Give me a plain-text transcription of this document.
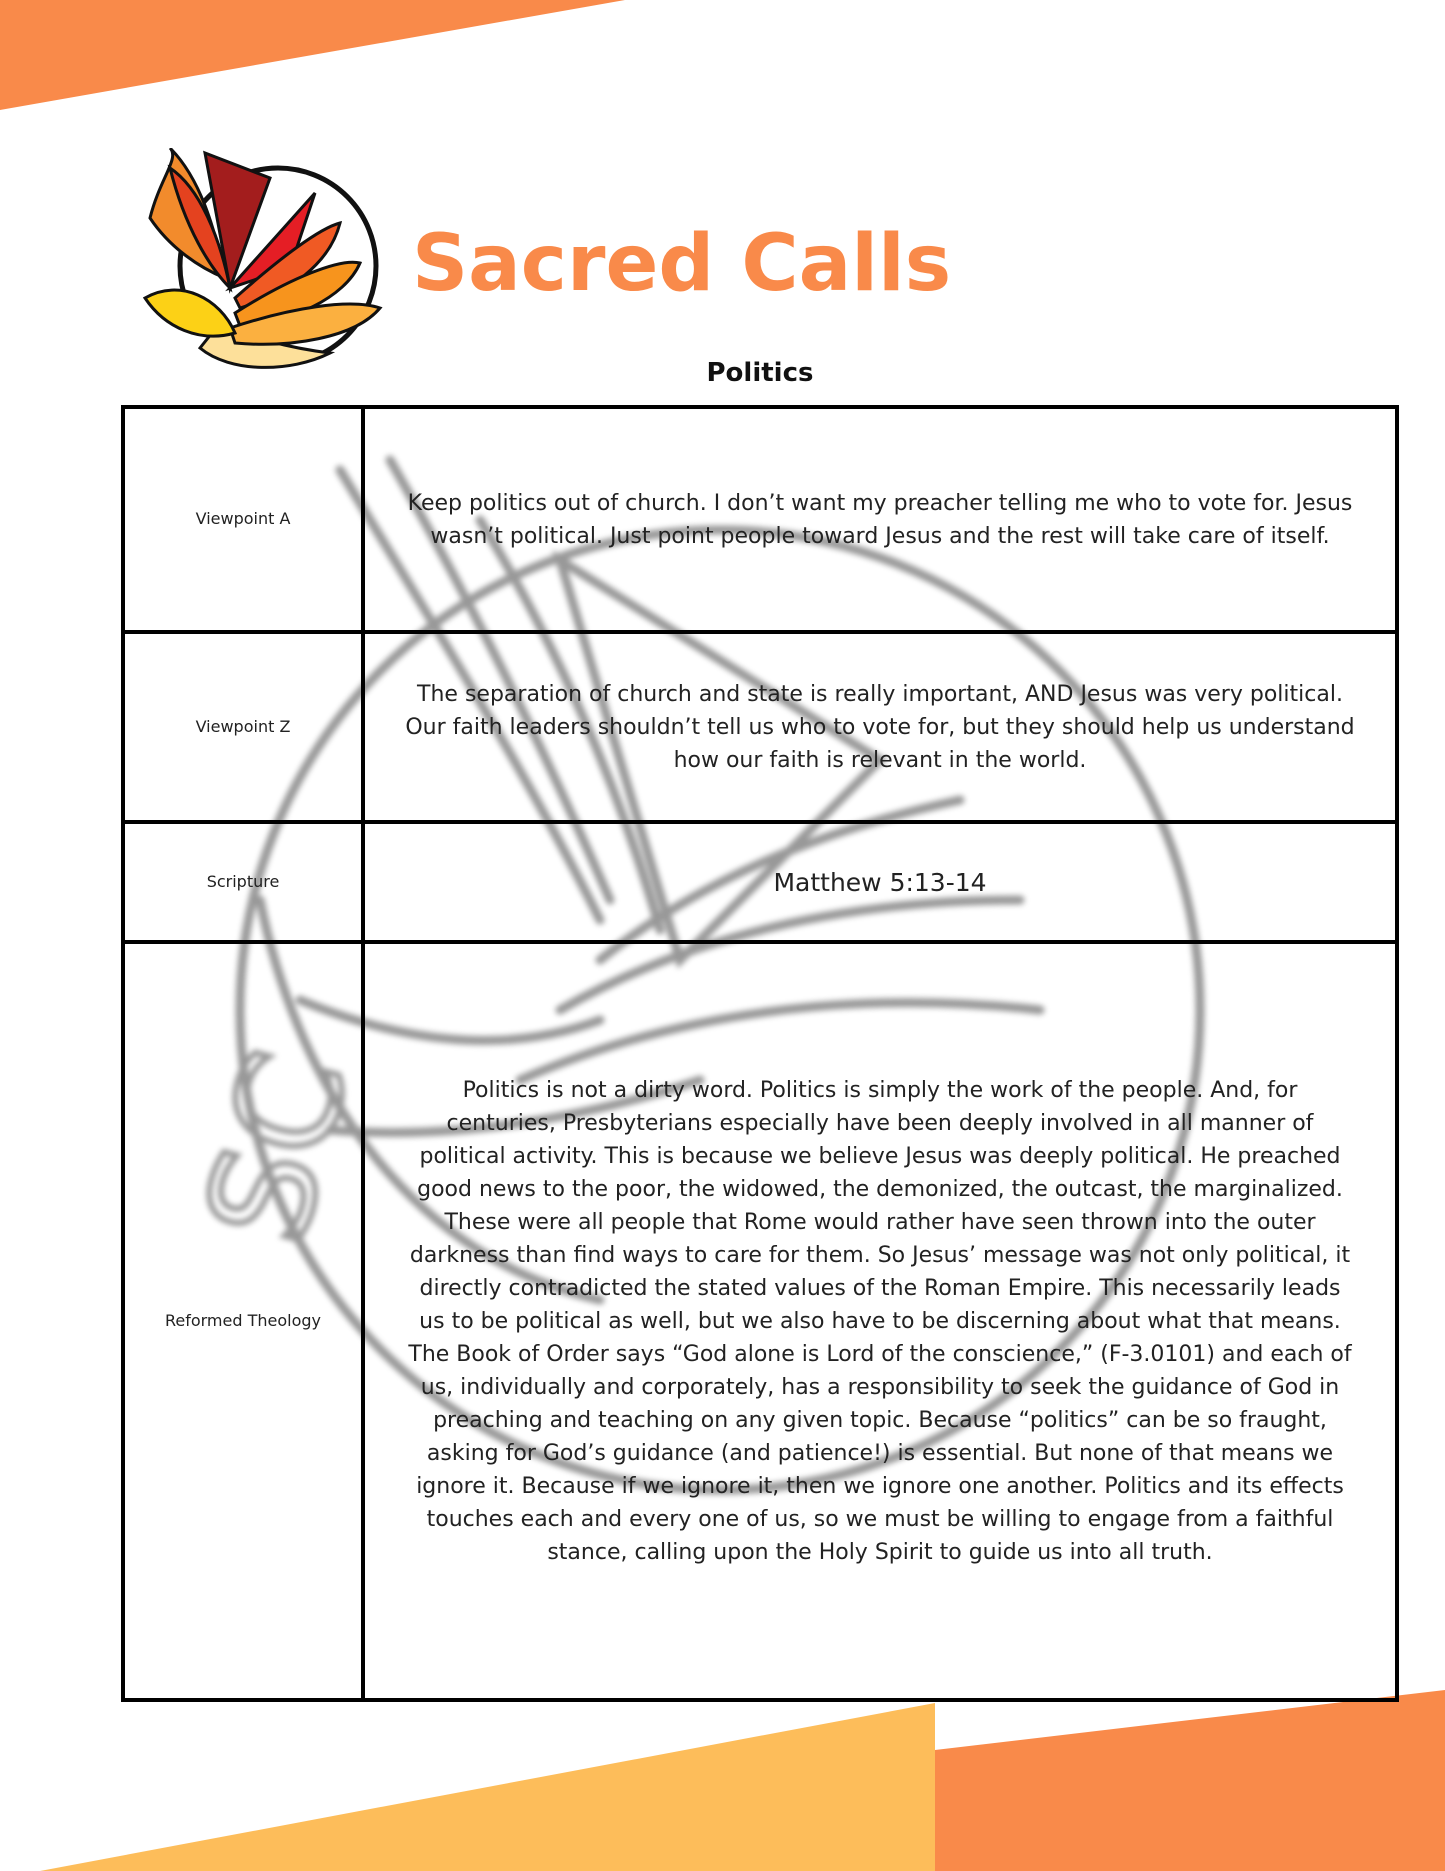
SC
Sacred Calls
Politics
Viewpoint A
Keep politics out of church. I don’t want my preacher telling me who to vote for. Jesus wasn’t political. Just point people toward Jesus and the rest will take care of itself.
Viewpoint Z
The separation of church and state is really important, AND Jesus was very political. Our faith leaders shouldn’t tell us who to vote for, but they should help us understand how our faith is relevant in the world.
Scripture	Matthew 5:13-14
Reformed Theology
Politics is not a dirty word. Politics is simply the work of the people. And, for centuries, Presbyterians especially have been deeply involved in all manner of political activity. This is because we believe Jesus was deeply political. He preached good news to the poor, the widowed, the demonized, the outcast, the marginalized. These were all people that Rome would rather have seen thrown into the outer darkness than find ways to care for them. So Jesus’ message was not only political, it directly contradicted the stated values of the Roman Empire. This necessarily leads us to be political as well, but we also have to be discerning about what that means. The Book of Order says “God alone is Lord of the conscience,” (F-3.0101) and each of us, individually and corporately, has a responsibility to seek the guidance of God in preaching and teaching on any given topic. Because “politics” can be so fraught, asking for God’s guidance (and patience!) is essential. But none of that means we ignore it. Because if we ignore it, then we ignore one another. Politics and its effects touches each and every one of us, so we must be willing to engage from a faithful stance, calling upon the Holy Spirit to guide us into all truth.
